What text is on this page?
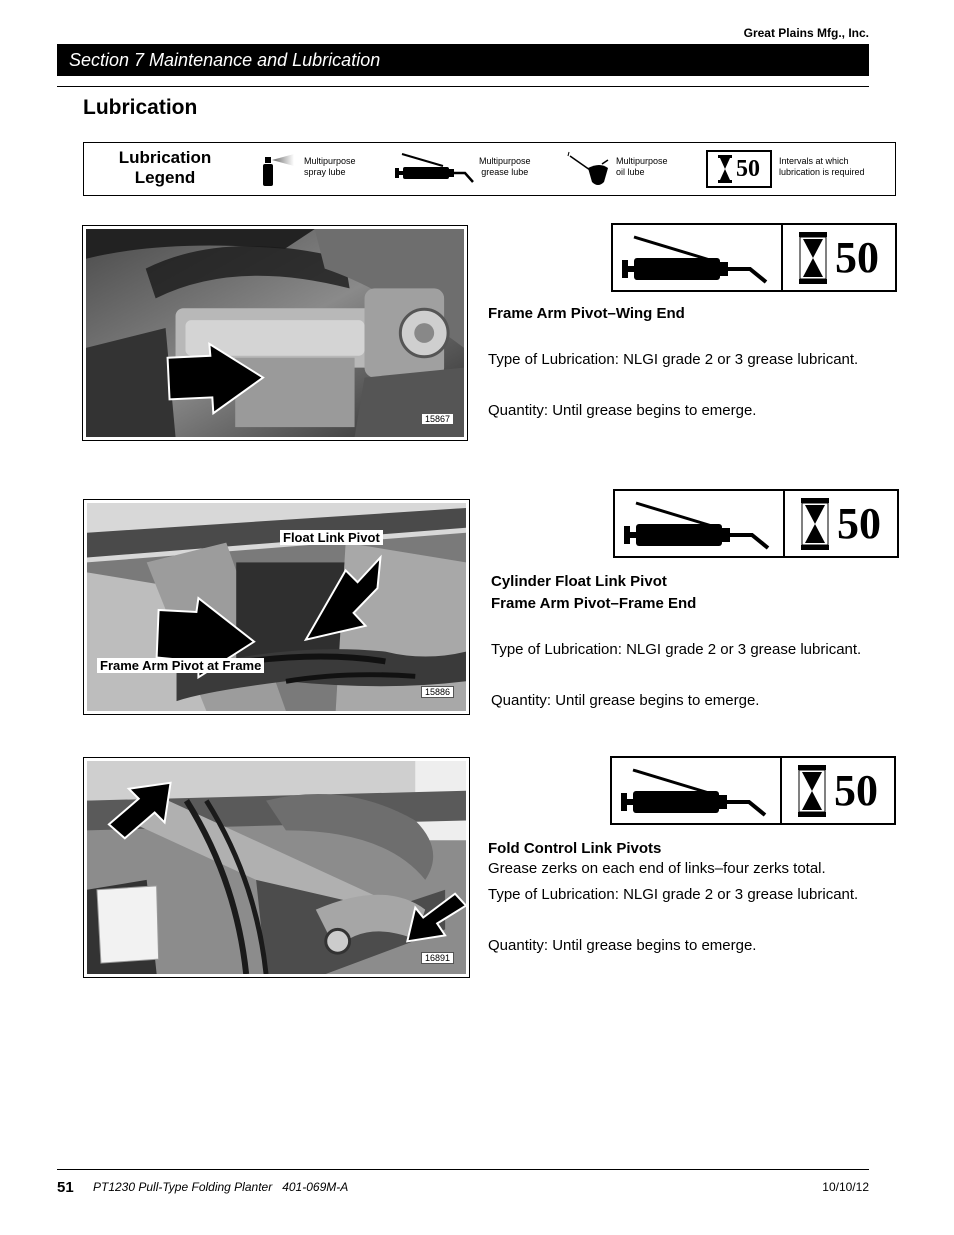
Great Plains Mfg., Inc.
Section 7 Maintenance and Lubrication
Lubrication
Lubrication
Legend
Multipurpose
spray lube
Multipurpose
grease lube
Multipurpose
oil lube	50 Intervals at which
lubrication is required
15867
50
Frame Arm Pivot–Wing End
Type of Lubrication: NLGI grade 2 or 3 grease lubricant.
Quantity: Until grease begins to emerge.
Float Link Pivot
Frame Arm Pivot at Frame
15886
50
Cylinder Float Link Pivot
Frame Arm Pivot–Frame End
Type of Lubrication: NLGI grade 2 or 3 grease lubricant.
Quantity: Until grease begins to emerge.
16891
50
Fold Control Link Pivots
Grease zerks on each end of links–four zerks total.
Type of Lubrication: NLGI grade 2 or 3 grease lubricant.
Quantity: Until grease begins to emerge.
51 PT1230 Pull-Type Folding Planter   401-069M-A	10/10/12
